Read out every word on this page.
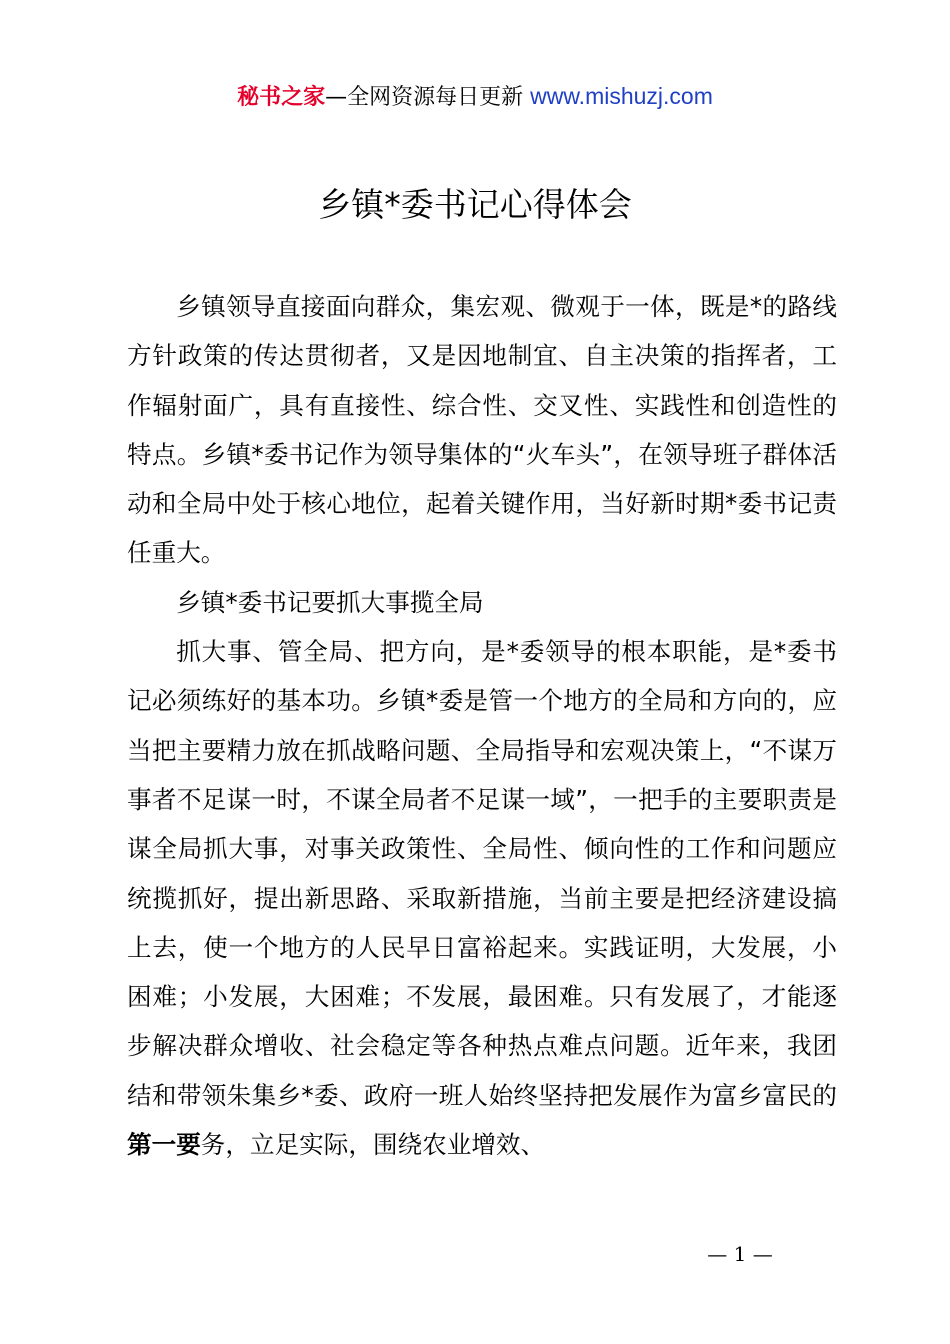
秘书之家—全网资源每日更新 www.mishuzj.com
乡镇*委书记心得体会

乡镇领导直接面向群众，集宏观、微观于一体，既是*的路线方针政策的传达贯彻者，又是因地制宜、自主决策的指挥者，工作辐射面广，具有直接性、综合性、交叉性、实践性和创造性的特点。乡镇*委书记作为领导集体的“火车头”，在领导班子群体活动和全局中处于核心地位，起着关键作用，当好新时期*委书记责任重大。

乡镇*委书记要抓大事揽全局

抓大事、管全局、把方向，是*委领导的根本职能，是*委书记必须练好的基本功。乡镇*委是管一个地方的全局和方向的，应当把主要精力放在抓战略问题、全局指导和宏观决策上，“不谋万事者不足谋一时，不谋全局者不足谋一域”，一把手的主要职责是谋全局抓大事，对事关政策性、全局性、倾向性的工作和问题应统揽抓好，提出新思路、采取新措施，当前主要是把经济建设搞上去，使一个地方的人民早日富裕起来。实践证明，大发展，小困难；小发展，大困难；不发展，最困难。只有发展了，才能逐步解决群众增收、社会稳定等各种热点难点问题。近年来，我团结和带领朱集乡*委、政府一班人始终坚持把发展作为富乡富民的第一要务，立足实际，围绕农业增效、

— 1 —
